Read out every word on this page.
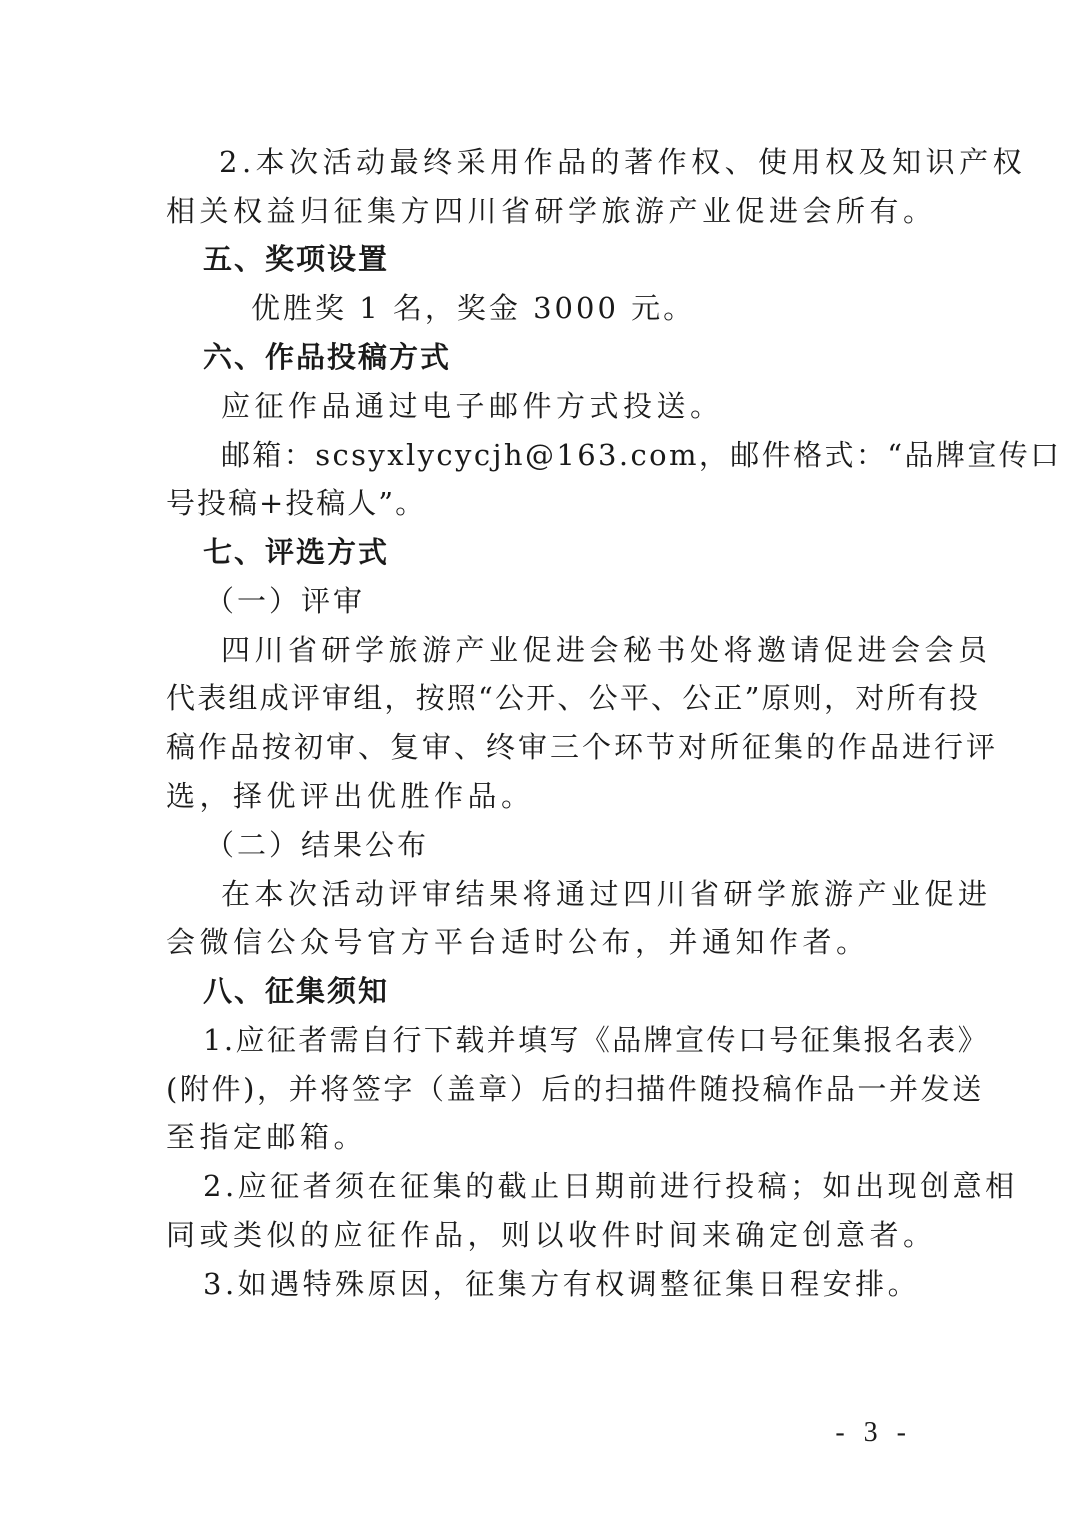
2.本次活动最终采用作品的著作权、使用权及知识产权
相关权益归征集方四川省研学旅游产业促进会所有。
五、奖项设置
优胜奖 1 名，奖金 3000 元。
六、作品投稿方式
应征作品通过电子邮件方式投送。
邮箱：scsyxlycycjh@163.com，邮件格式：“品牌宣传口
号投稿+投稿人”。
七、评选方式
（一）评审
四川省研学旅游产业促进会秘书处将邀请促进会会员
代表组成评审组，按照“公开、公平、公正”原则，对所有投
稿作品按初审、复审、终审三个环节对所征集的作品进行评
选，择优评出优胜作品。
（二）结果公布
在本次活动评审结果将通过四川省研学旅游产业促进
会微信公众号官方平台适时公布，并通知作者。
八、征集须知
1.应征者需自行下载并填写《品牌宣传口号征集报名表》
(附件)，并将签字（盖章）后的扫描件随投稿作品一并发送
至指定邮箱。
2.应征者须在征集的截止日期前进行投稿；如出现创意相
同或类似的应征作品，则以收件时间来确定创意者。
3.如遇特殊原因，征集方有权调整征集日程安排。
- 3 -
